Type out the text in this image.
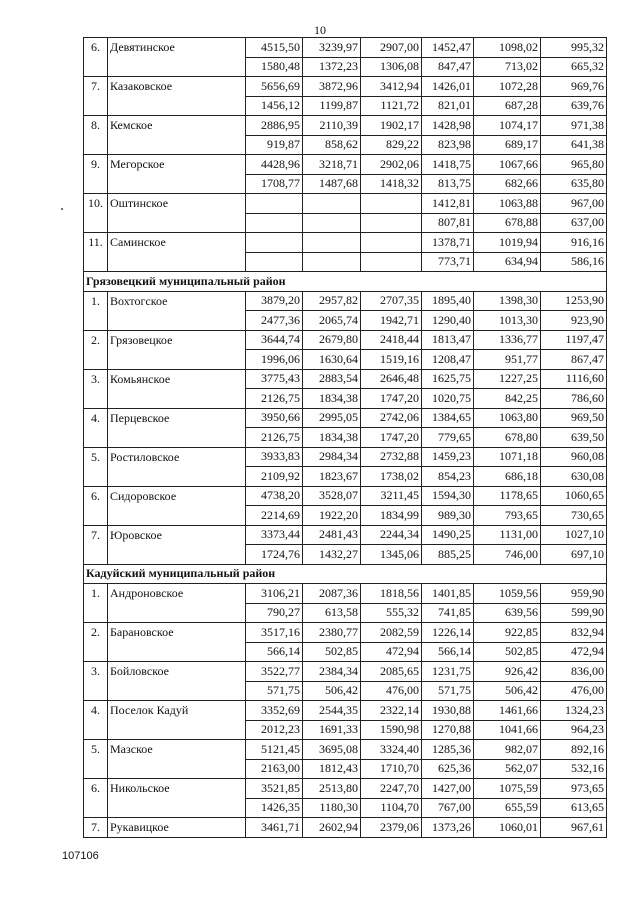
10
6.	Девятинское	4515,50	3239,97	2907,00	1452,47	1098,02	995,32
		1580,48	1372,23	1306,08	847,47	713,02	665,32
7.	Казаковское	5656,69	3872,96	3412,94	1426,01	1072,28	969,76
		1456,12	1199,87	1121,72	821,01	687,28	639,76
8.	Кемское	2886,95	2110,39	1902,17	1428,98	1074,17	971,38
		919,87	858,62	829,22	823,98	689,17	641,38
9.	Мегорское	4428,96	3218,71	2902,06	1418,75	1067,66	965,80
		1708,77	1487,68	1418,32	813,75	682,66	635,80
10.	Оштинское				1412,81	1063,88	967,00
					807,81	678,88	637,00
11.	Саминское				1378,71	1019,94	916,16
					773,71	634,94	586,16
Грязовецкий муниципальный район							
1.	Вохтогское	3879,20	2957,82	2707,35	1895,40	1398,30	1253,90
		2477,36	2065,74	1942,71	1290,40	1013,30	923,90
2.	Грязовецкое	3644,74	2679,80	2418,44	1813,47	1336,77	1197,47
		1996,06	1630,64	1519,16	1208,47	951,77	867,47
3.	Комьянское	3775,43	2883,54	2646,48	1625,75	1227,25	1116,60
		2126,75	1834,38	1747,20	1020,75	842,25	786,60
4.	Перцевское	3950,66	2995,05	2742,06	1384,65	1063,80	969,50
		2126,75	1834,38	1747,20	779,65	678,80	639,50
5.	Ростиловское	3933,83	2984,34	2732,88	1459,23	1071,18	960,08
		2109,92	1823,67	1738,02	854,23	686,18	630,08
6.	Сидоровское	4738,20	3528,07	3211,45	1594,30	1178,65	1060,65
		2214,69	1922,20	1834,99	989,30	793,65	730,65
7.	Юровское	3373,44	2481,43	2244,34	1490,25	1131,00	1027,10
		1724,76	1432,27	1345,06	885,25	746,00	697,10
Кадуйский муниципальный район							
1.	Андроновское	3106,21	2087,36	1818,56	1401,85	1059,56	959,90
		790,27	613,58	555,32	741,85	639,56	599,90
2.	Барановское	3517,16	2380,77	2082,59	1226,14	922,85	832,94
		566,14	502,85	472,94	566,14	502,85	472,94
3.	Бойловское	3522,77	2384,34	2085,65	1231,75	926,42	836,00
		571,75	506,42	476,00	571,75	506,42	476,00
4.	Поселок Кадуй	3352,69	2544,35	2322,14	1930,88	1461,66	1324,23
		2012,23	1691,33	1590,98	1270,88	1041,66	964,23
5.	Мазское	5121,45	3695,08	3324,40	1285,36	982,07	892,16
		2163,00	1812,43	1710,70	625,36	562,07	532,16
6.	Никольское	3521,85	2513,80	2247,70	1427,00	1075,59	973,65
		1426,35	1180,30	1104,70	767,00	655,59	613,65
7.	Рукавицкое	3461,71	2602,94	2379,06	1373,26	1060,01	967,61
107106
